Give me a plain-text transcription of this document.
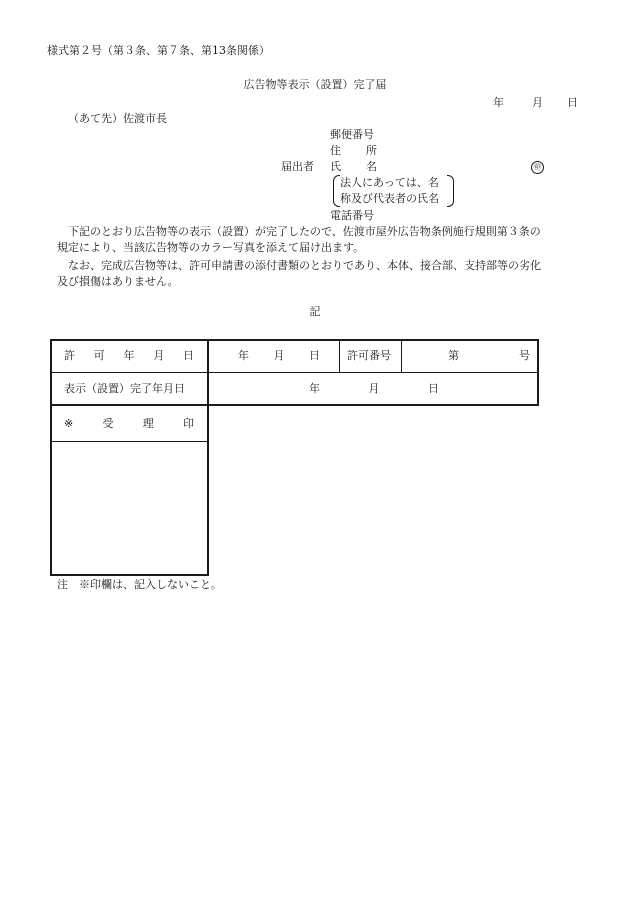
様式第２号（第３条、第７条、第13条関係）
広告物等表示（設置）完了届
年	月 日
（あて先）佐渡市長
郵便番号
住 所
届出者 氏 名	㊞
法人にあっては、名
称及び代表者の氏名
電話番号
下記のとおり広告物等の表示（設置）が完了したので、佐渡市屋外広告物条例施行規則第３条の
規定により、当該広告物等のカラー写真を添えて届け出ます。
なお、完成広告物等は、許可申請書の添付書類のとおりであり、本体、接合部、支持部等の劣化
及び損傷はありません。
記
許 可 年 月 日	年 月 日 許可番号	第	号
表示（設置）完了年月日	年	月	日
※	受	理	印
注　※印欄は、記入しないこと。
